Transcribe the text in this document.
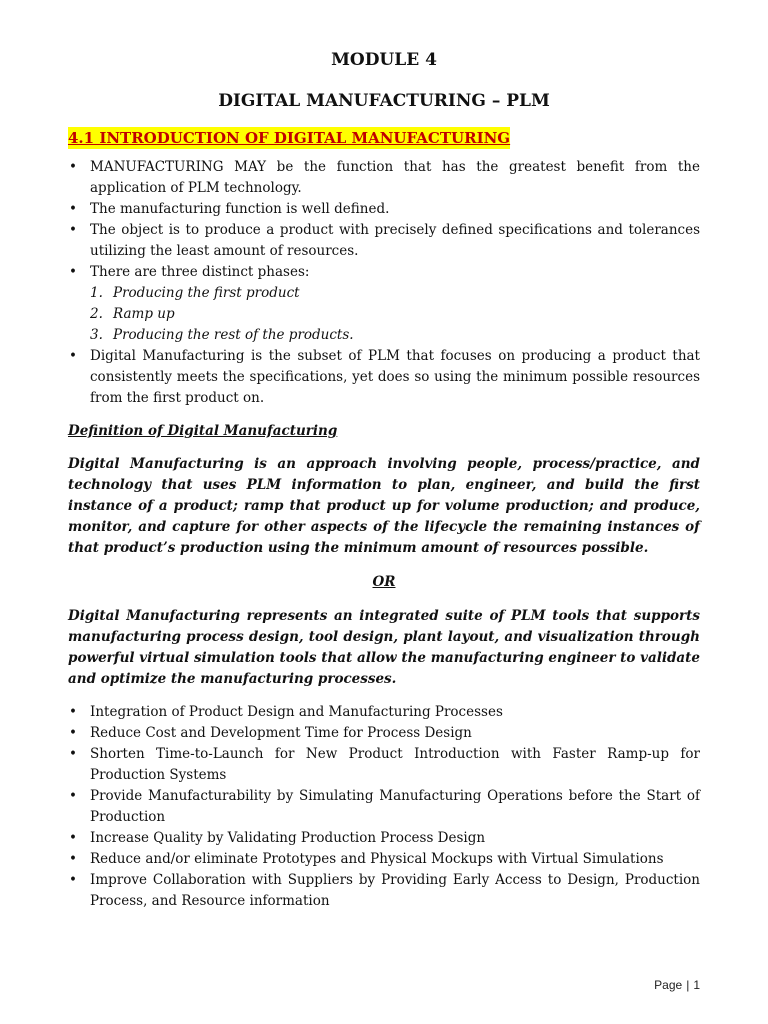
MODULE 4
DIGITAL MANUFACTURING – PLM
4.1 INTRODUCTION OF DIGITAL MANUFACTURING
• MANUFACTURING MAY be the function that has the greatest benefit from the application of PLM technology.
• The manufacturing function is well defined.
• The object is to produce a product with precisely defined specifications and tolerances utilizing the least amount of resources.
• There are three distinct phases:
1. Producing the first product
2. Ramp up
3. Producing the rest of the products.
• Digital Manufacturing is the subset of PLM that focuses on producing a product that consistently meets the specifications, yet does so using the minimum possible resources from the first product on.
Definition of Digital Manufacturing

Digital Manufacturing is an approach involving people, process/practice, and technology that uses PLM information to plan, engineer, and build the first instance of a product; ramp that product up for volume production; and produce, monitor, and capture for other aspects of the lifecycle the remaining instances of that product’s production using the minimum amount of resources possible.

OR

Digital Manufacturing represents an integrated suite of PLM tools that supports manufacturing process design, tool design, plant layout, and visualization through powerful virtual simulation tools that allow the manufacturing engineer to validate and optimize the manufacturing processes.

• Integration of Product Design and Manufacturing Processes
• Reduce Cost and Development Time for Process Design
• Shorten Time-to-Launch for New Product Introduction with Faster Ramp-up for Production Systems
• Provide Manufacturability by Simulating Manufacturing Operations before the Start of Production
• Increase Quality by Validating Production Process Design
• Reduce and/or eliminate Prototypes and Physical Mockups with Virtual Simulations
• Improve Collaboration with Suppliers by Providing Early Access to Design, Production Process, and Resource information
Page | 1
